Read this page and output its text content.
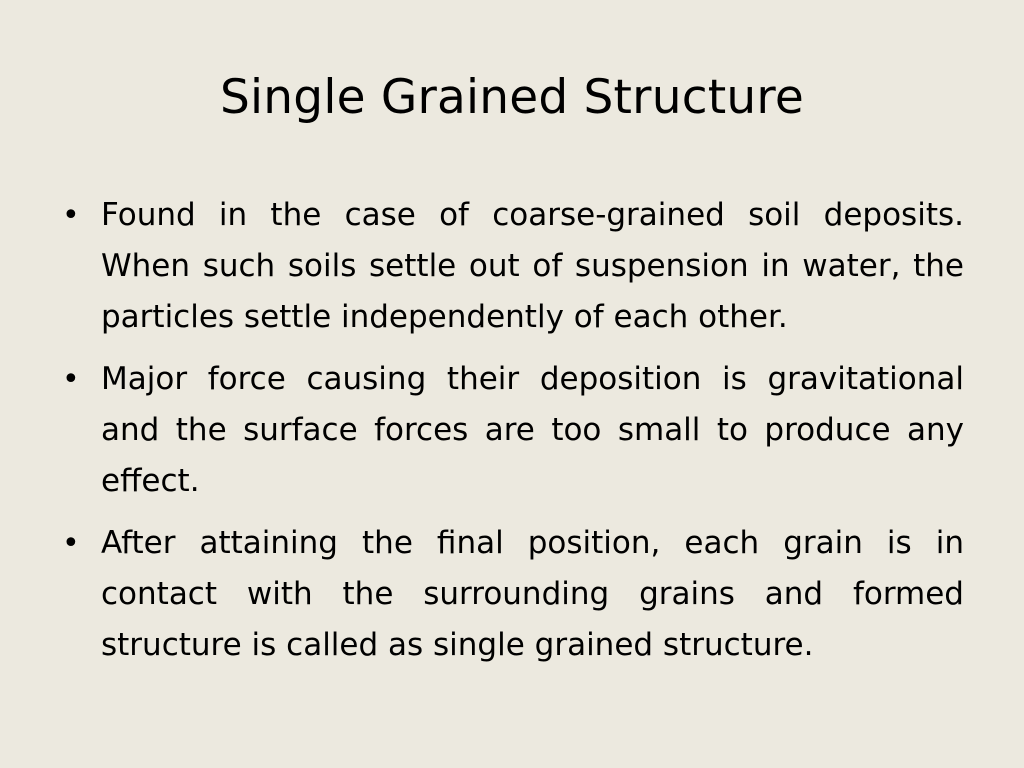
Single Grained Structure
• Found in the case of coarse-grained soil deposits. When such soils settle out of suspension in water, the particles settle independently of each other.
• Major force causing their deposition is gravitational and the surface forces are too small to produce any effect.
• After attaining the final position, each grain is in contact with the surrounding grains and formed structure is called as single grained structure.
